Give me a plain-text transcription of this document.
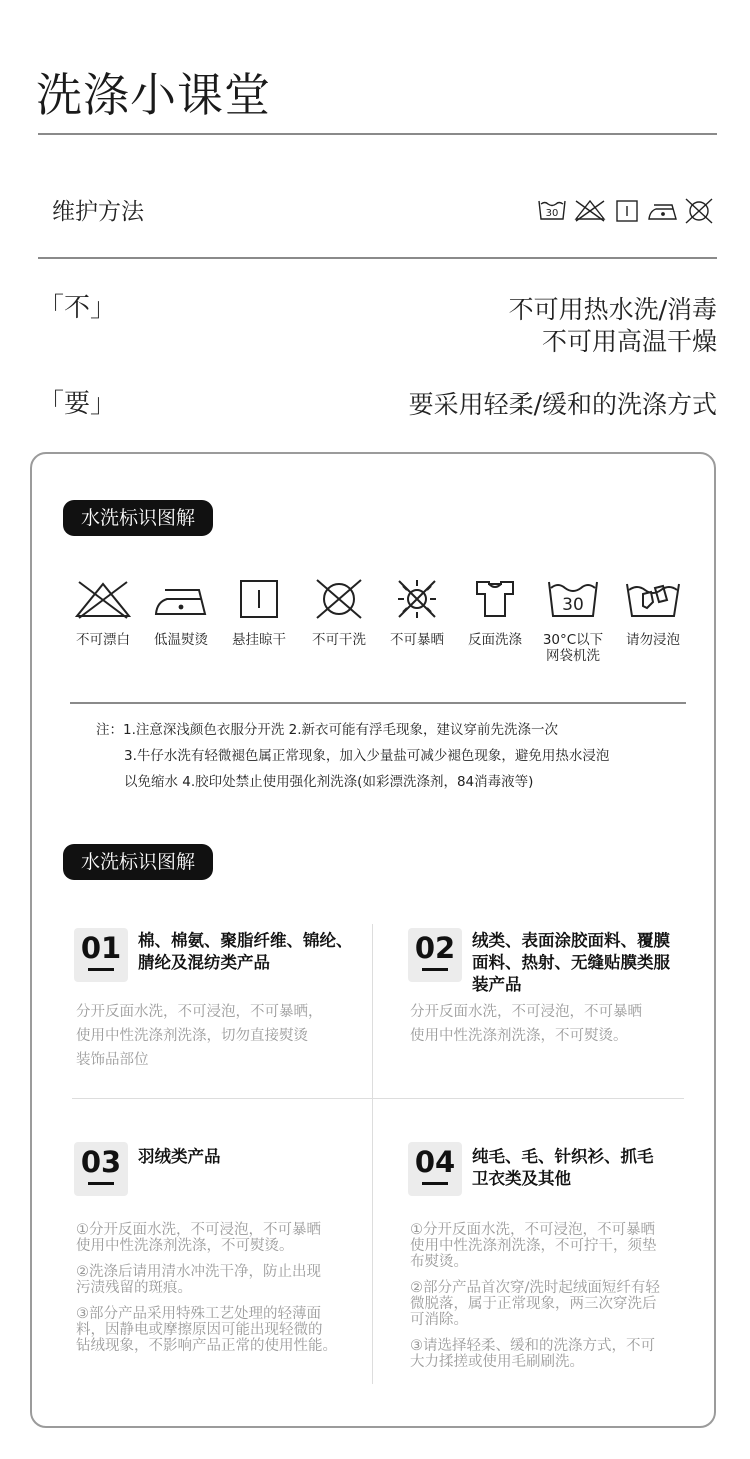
洗涤小课堂
维护方法	30
「不」	不可用热水洗/消毒
不可用高温干燥
「要」	要采用轻柔/缓和的洗涤方式
水洗标识图解
不可漂白	低温熨烫	悬挂晾干	不可干洗	不可暴晒	反面洗涤
30
30°C以下
网袋机洗
请勿浸泡
注：1.注意深浅颜色衣服分开洗 2.新衣可能有浮毛现象，建议穿前先洗涤一次
3.牛仔水洗有轻微褪色属正常现象，加入少量盐可减少褪色现象，避免用热水浸泡
以免缩水 4.胶印处禁止使用强化剂洗涤(如彩漂洗涤剂，84消毒液等)
水洗标识图解
01	棉、棉氨、聚脂纤维、锦纶、
腈纶及混纺类产品
分开反面水洗，不可浸泡，不可暴晒，
使用中性洗涤剂洗涤，切勿直接熨烫
装饰品部位
02	绒类、表面涂胶面料、覆膜
面料、热射、无缝贴膜类服
装产品
分开反面水洗，不可浸泡，不可暴晒
使用中性洗涤剂洗涤，不可熨烫。
03	羽绒类产品

①分开反面水洗，不可浸泡，不可暴晒
使用中性洗涤剂洗涤，不可熨烫。

②洗涤后请用清水冲洗干净，防止出现
污渍残留的斑痕。

③部分产品采用特殊工艺处理的轻薄面
料，因静电或摩擦原因可能出现轻微的
钻绒现象，不影响产品正常的使用性能。

04	纯毛、毛、针织衫、抓毛
卫衣类及其他

①分开反面水洗，不可浸泡，不可暴晒
使用中性洗涤剂洗涤，不可拧干，须垫
布熨烫。

②部分产品首次穿/洗时起绒面短纤有轻
微脱落，属于正常现象，两三次穿洗后
可消除。

③请选择轻柔、缓和的洗涤方式，不可
大力揉搓或使用毛刷刷洗。
